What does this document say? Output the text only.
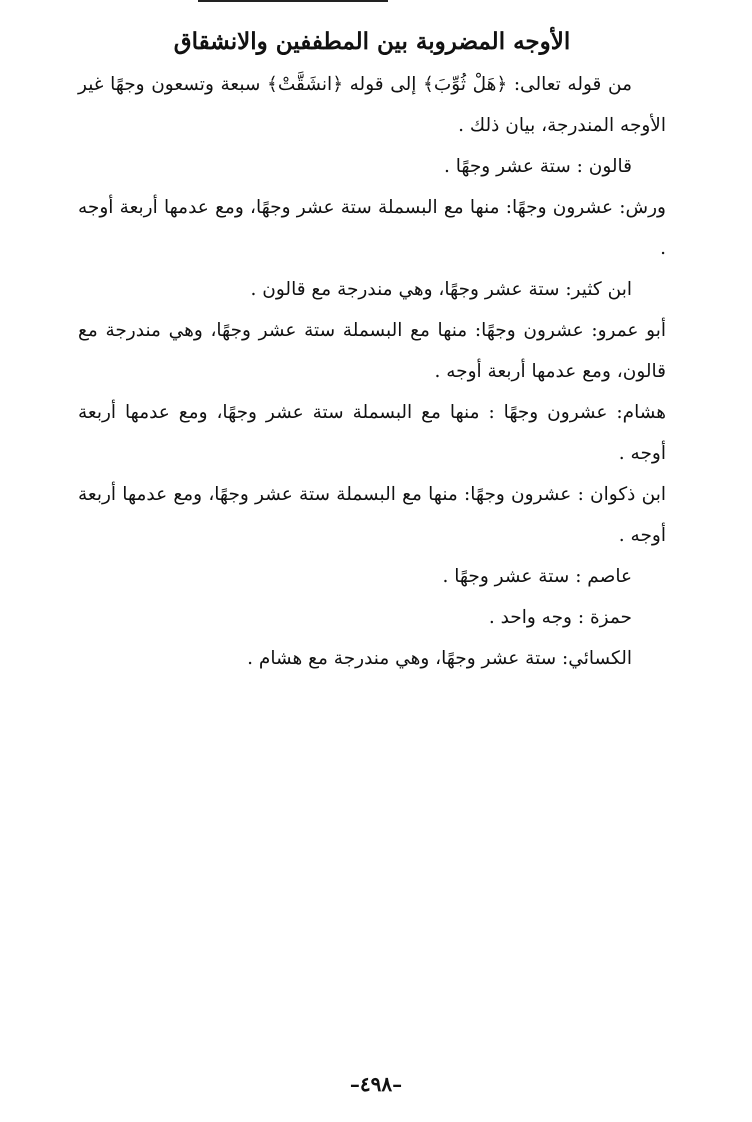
الأوجه المضروبة بين المطففين والانشقاق

من قوله تعالى: ﴿هَلْ ثُوِّبَ﴾ إلى قوله ﴿انشَقَّتْ﴾ سبعة وتسعون وجهًا غير الأوجه المندرجة، بيان ذلك .

قالون : ستة عشر وجهًا .

ورش: عشرون وجهًا: منها مع البسملة ستة عشر وجهًا، ومع عدمها أربعة أوجه .

ابن كثير: ستة عشر وجهًا، وهي مندرجة مع قالون .

أبو عمرو: عشرون وجهًا: منها مع البسملة ستة عشر وجهًا، وهي مندرجة مع قالون، ومع عدمها أربعة أوجه .

هشام: عشرون وجهًا : منها مع البسملة ستة عشر وجهًا، ومع عدمها أربعة أوجه .

ابن ذكوان : عشرون وجهًا: منها مع البسملة ستة عشر وجهًا، ومع عدمها أربعة أوجه .

عاصم : ستة عشر وجهًا .

حمزة : وجه واحد .

الكسائي: ستة عشر وجهًا، وهي مندرجة مع هشام .

–٤٩٨–
